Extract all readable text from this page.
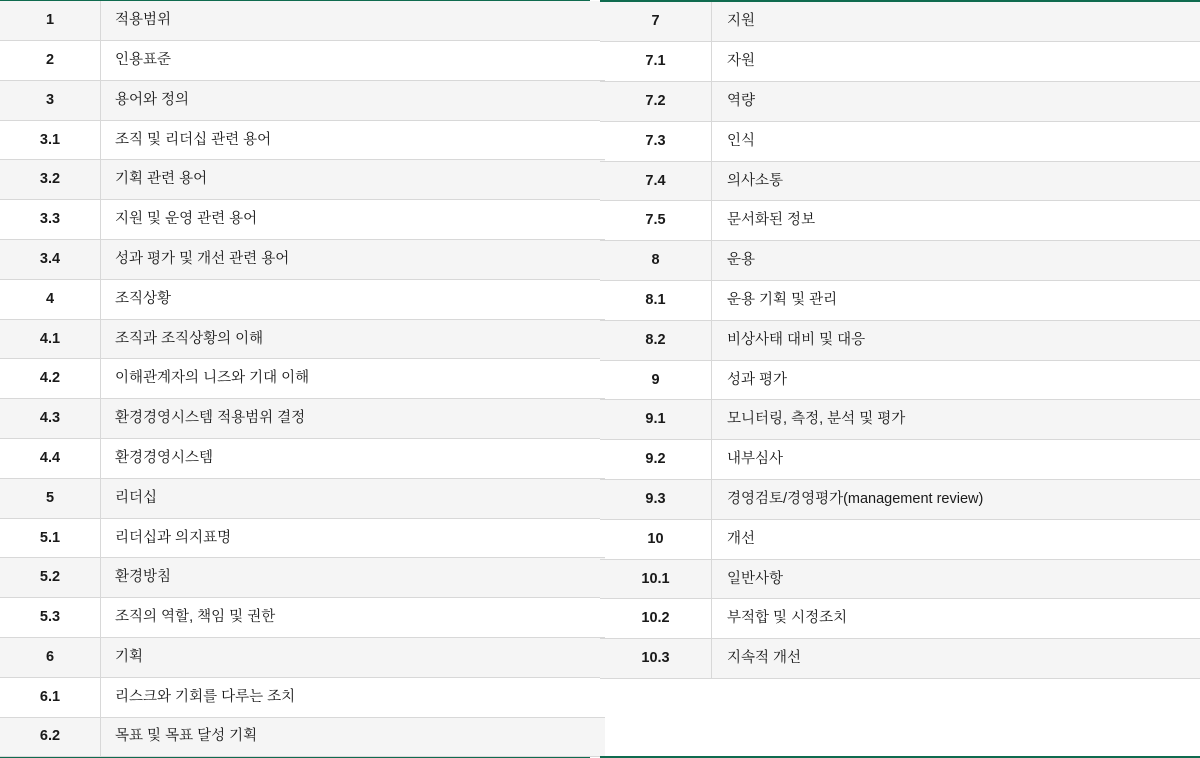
1	적용범위
2	인용표준
3	용어와 정의
3.1	조직 및 리더십 관련 용어
3.2	기획 관련 용어
3.3	지원 및 운영 관련 용어
3.4	성과 평가 및 개선 관련 용어
4	조직상황
4.1	조직과 조직상황의 이해
4.2	이해관계자의 니즈와 기대 이해
4.3	환경경영시스템 적용범위 결정
4.4	환경경영시스템
5	리더십
5.1	리더십과 의지표명
5.2	환경방침
5.3	조직의 역할, 책임 및 권한
6	기획
6.1	리스크와 기회를 다루는 조치
6.2	목표 및 목표 달성 기획
7	지원
7.1	자원
7.2	역량
7.3	인식
7.4	의사소통
7.5	문서화된 정보
8	운용
8.1	운용 기획 및 관리
8.2	비상사태 대비 및 대응
9	성과 평가
9.1	모니터링, 측정, 분석 및 평가
9.2	내부심사
9.3	경영검토/경영평가(management review)
10	개선
10.1	일반사항
10.2	부적합 및 시정조치
10.3	지속적 개선
